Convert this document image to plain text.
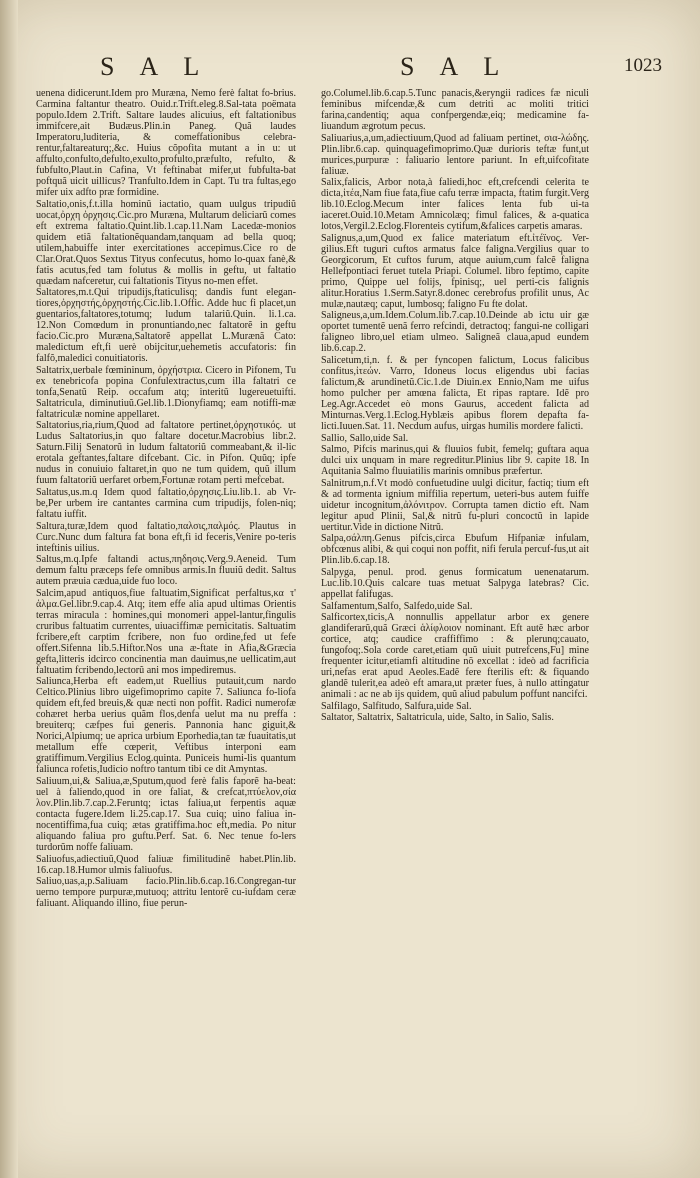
S A L	S A L	1023

uenena didicerunt.Idem pro Muræna, Nemo ferè faltat fo-brius. Carmina faltantur theatro. Ouid.r.Trift.eleg.8.Sal-tata poëmata populo.Idem 2.Trift. Saltare laudes alicuius, eft faltationibus immifcere,ait Budæus.Plin.in Paneg. Quã laudes Imperatoru,luditeria, & comeffationibus celebra-rentur,faltareaturq;,&c. Huius cõpofita mutant a in u: ut affulto,confulto,defulto,exulto,profulto,præfulto, refulto, & fubfulto,Plaut.in Cafina, Vt feftinabat mifer,ut fubfulta-bat poftquã uicit uillicus? Tranfulto.Idem in Capt. Tu tra fultas,ego mifer uix adfto præ formidine.

Saltatio,onis,f.t.illa hominũ iactatio, quam uulgus tripudiũ uocat,ὀρχη ὀρχησις.Cic.pro Muræna, Multarum deliciarũ comes eft extrema faltatio.Quint.lib.1.cap.11.Nam Lacedæ-monios quidem etiã faltationẽquandam,tanquam ad bella quoq; utilem,habuiffe inter exercitationes accepimus.Cice ro de Clar.Orat.Quos Sextus Tityus confecutus, homo lo-quax fanè,& fatis acutus,fed tam folutus & mollis in geftu, ut faltatio quædam nafceretur, cui faltationis Tityus no-men effet.

Saltatores,m.t.Qui tripudijs,ftaticulisq; dandis funt elegan-tiores,ὀρχηστής,ὀρχηστής.Cic.lib.1.Offic. Adde huc fi placet,un guentarios,faltatores,totumq; ludum talariũ.Quin. li.1.ca. 12.Non Comœdum in pronuntiando,nec faltatorẽ in geftu facio.Cic.pro Muræna,Saltatorẽ appellat L.Murænã Cato: maledictum eft,fi uerè obijcitur,uehemetis accufatoris: fin falfõ,maledici conuitiatoris.

Saltatrix,uerbale fœmininum, ὀρχήστρια. Cicero in Pifonem, Tu ex tenebricofa popina Confulextractus,cum illa faltatri ce tonfa,Senatũ Reip. occafum atq; interitũ lugereuetuifti. Saltatricula, diminutiuũ.Gel.lib.1.Dionyfiamq; eam notiffi-mæ faltatriculæ nomine appellaret.

Saltatorius,ria,rium,Quod ad faltatore pertinet,ὀρχηστικός. ut Ludus Saltatorius,in quo faltare docetur.Macrobius libr.2. Saturn.Filij Senatorũ in ludum faltatoriũ commeabant,& il-lic erotala geftantes,faltare difcebant. Cic. in Pifon. Quũq; ipfe nudus in conuiuio faltaret,in quo ne tum quidem, quũ illum fuum faltatoriũ uerfaret orbem,Fortunæ rotam perti mefcebat.

Saltatus,us.m.q Idem quod faltatio,ὀρχησις.Liu.lib.1. ab Vr-be,Per urbem ire cantantes carmina cum tripudijs, folen-niq; faltatu iuffit.

Saltura,turæ,Idem quod faltatio,παλσις,παλμός. Plautus in Curc.Nunc dum faltura fat bona eft,fi id feceris,Venire po-teris inteftinis uilius.

Saltus,m.q.Ipfe faltandi actus,πηδησις.Verg.9.Aeneid. Tum demum faltu præceps fefe omnibus armis.In fluuiũ dedit. Saltus autem præuia cædua,uide fuo loco.

Salcim,apud antiquos,fiue faltuatim,Significat perfaltus,κα τ' ἁλμα.Gel.libr.9.cap.4. Atq; item effe alia apud ultimas Orientis terras miracula : homines,qui monomeri appel-lantur,fingulis cruribus faltuatim currentes, uiuaciffimæ pernicitatis. Saltuatim fcribere,eft carptim fcribere, non fuo ordine,fed ut fefe offert.Sifenna lib.5.Hiftor.Nos una æ-ftate in Afia,&Græcia gefta,litteris idcirco concinentia man dauimus,ne uellicatim,aut faltuatim fcribendo,lectorũ ani mos impediremus.

Saliunca,Herba eft eadem,ut Ruellius putauit,cum nardo Celtico.Plinius libro uigefimoprimo capite 7. Saliunca fo-liofa quidem eft,fed breuis,& quæ necti non poffit. Radici numerofæ cohæret herba uerius quãm flos,denfa uelut ma nu preffa : breuiterq; cæfpes fui generis. Pannonia hanc giguit,& Norici,Alpiumq; ue aprica urbium Eporhedia,tan tæ fuauitatis,ut metallum effe cœperit, Veftibus interponi eam gratiffimum.Vergilius Eclog.quinta. Puniceis humi-lis quantum faliunca rofetis,Iudicio noftro tantum tibi ce dit Amyntas.

Saliuum,ui,& Saliua,æ,Sputum,quod ferè falis faporẽ ha-beat: uel à faliendo,quod in ore faliat, & crefcat,πτύελον,σία λον.Plin.lib.7.cap.2.Feruntq; ictas faliua,ut ferpentis aquæ contacta fugere.Idem li.25.cap.17. Sua cuiq; uino faliua in-nocentiffima,fua cuiq; ætas gratiffima.hoc eft,media. Po nitur aliquando faliua pro guftu.Perf. Sat. 6. Nec tenue fo-lers turdorũm noffe faliuam.

Saliuofus,adiectiuũ,Quod faliuæ fimilitudinẽ habet.Plin.lib. 16.cap.18.Humor ulmis faliuofus.

Saliuo,uas,a,p.Saliuam facio.Plin.lib.6.cap.16.Congregan-tur uerno tempore purpuræ,mutuoq; attritu lentorẽ cu-iufdam ceræ faliuant. Aliquando illino, fiue perun-

go.Columel.lib.6.cap.5.Tunc panacis,&eryngii radices fæ niculi feminibus mifcendæ,& cum detriti ac moliti tritici farina,candentiq; aqua confpergendæ,eiq; medicamine fa-liuandum ægrotum pecus.

Saliuarius,a,um,adiectiuum,Quod ad faliuam pertinet, σια-λώδης. Plin.libr.6.cap. quinquagefimoprimo.Quæ durioris teftæ funt,ut murices,purpuræ : faliuario lentore pariunt. In eft,uifcofitate faliuæ.

Salix,falicis, Arbor nota,à faliedi,hoc eft,crefcendi celerita te dicta,ἰτέα,Nam fiue fata,fiue cafu terræ impacta, ftatim furgit.Verg lib.10.Eclog.Mecum inter falices lenta fub ui-ta iaceret.Ouid.10.Metam Amnicolæq; fimul falices, & a-quatica lotos,Vergil.2.Eclog.Florenteis cytifum,&falices carpetis amaras.

Salignus,a,um,Quod ex falice materiatum eft.ἰτέϊνος. Ver-gilius.Eft tuguri cuftos armatus falce faligna.Vergilius quar to Georgicorum, Et cuftos furum, atque auium,cum falcẽ faligna Hellefpontiaci feruet tutela Priapi. Columel. libro feptimo, capite primo, Quippe uel folijs, fpinisq;, uel perti-cis falignis alitur.Horatius 1.Serm.Satyr.8.donec cerebrofus profilit unus, Ac mulæ,nautæq; caput, lumbosq; faligno Fu fte dolat.

Saligneus,a,um.Idem.Colum.lib.7.cap.10.Deinde ab ictu uir gæ oportet tumentẽ uenã ferro refcindi, detractoq; fangui-ne colligari faligneo libro,uel etiam ulmeo. Saligneã claua,apud eundem lib.6.cap.2.

Salicetum,ti,n. f. & per fyncopen falictum, Locus falicibus confitus,ἰτεών. Varro, Idoneus locus eligendus ubi facias falictum,& arundinetũ.Cic.1.de Diuin.ex Ennio,Nam me uifus homo pulcher per amœna falicta, Et ripas raptare. Idẽ pro Leg.Agr.Accedet eò mons Gaurus, accedent falicta ad Minturnas.Verg.1.Eclog.Hyblæis apibus florem depafta fa-licti.Iuuen.Sat. 11. Necdum aufus, uirgas humilis mordere falicti.

Sallio, Sallo,uide Sal.

Salmo, Pifcis marinus,qui & fluuios fubit, femelq; guftara aqua dulci uix unquam in mare regreditur.Plinius libr 9. capite 18. In Aquitania Salmo fluuiatilis marinis omnibus præfertur.

Salnitrum,n.f.Vt modò confuetudine uulgi dicitur, factiq; tium eft & ad tormenta ignium miffilia repertum, ueteri-bus autem fuiffe uidetur incognitum,ἀλόνιτρον. Corrupta tamen dictio eft. Nam legitur apud Plinii, Sal,& nitrũ fu-pluri concoctũ in lapide uertitur.Vide in dictione Nitrũ.

Salpa,σάλπη.Genus pifcis,circa Ebufum Hifpaniæ infulam, obfcœnus alibi, & qui coqui non poffit, nifi ferula percuf-fus,ut ait Plin.lib.6.cap.18.

Salpyga, penul. prod. genus formicatum uenenatarum. Luc.lib.10.Quis calcare tuas metuat Salpyga latebras? Cic. appellat falifugas.

Salfamentum,Salfo, Salfedo,uide Sal.

Salficortex,ticis,A nonnullis appellatur arbor ex genere glandiferarũ,quã Græci ἁλίφλοιον nominant. Eft autẽ hæc arbor cortice, atq; caudice craffiffimo : & plerunq;cauato, fungofoq;.Sola corde caret,etiam quũ uiuit putrefcens,Fu] mine frequenter icitur,etiamfi altitudine nõ excellat : ideò ad facrificia uri,nefas erat apud Aeoles.Eadẽ fere fterilis eft: & fiquando glandẽ tulerit,ea adeò eft amara,ut præter fues, à nullo attingatur animali : ac ne ab ijs quidem, quũ aliud pabulum poffunt nancifci.

Salfilago, Salfitudo, Salfura,uide Sal.

Saltator, Saltatrix, Saltatricula, uide, Salto, in Salio, Salis.
